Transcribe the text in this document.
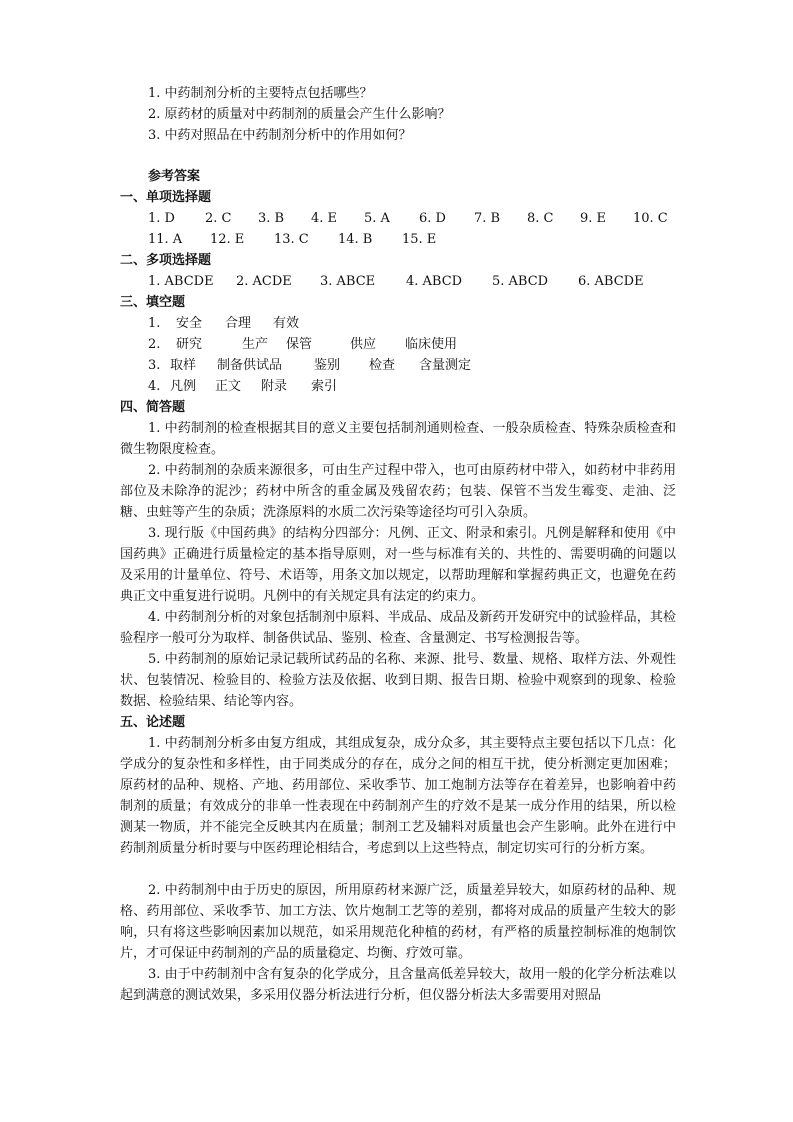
1. 中药制剂分析的主要特点包括哪些？
2. 原药材的质量对中药制剂的质量会产生什么影响？
3. 中药对照品在中药制剂分析中的作用如何？
参考答案
一、单项选择题
1. D 2. C 3. B 4. E 5. A 6. D 7. B 8. C 9. E 10. C
11. A 12. E 13. C 14. B 15. E
二、多项选择题
1. ABCDE 2. ACDE 3. ABCE 4. ABCD 5. ABCD 6. ABCDE
三、填空题
1. 安全 合理 有效
2. 研究	生产 保管	供应 临床使用
3. 取样 制备供试品 鉴别 检查 含量测定
4. 凡例 正文 附录 索引
四、简答题
1. 中药制剂的检查根据其目的意义主要包括制剂通则检查、一般杂质检查、特殊杂质检查和微生物限度检查。
2. 中药制剂的杂质来源很多，可由生产过程中带入，也可由原药材中带入，如药材中非药用部位及未除净的泥沙；药材中所含的重金属及残留农药；包装、保管不当发生霉变、走油、泛糖、虫蛀等产生的杂质；洗涤原料的水质二次污染等途径均可引入杂质。
3. 现行版《中国药典》的结构分四部分：凡例、正文、附录和索引。凡例是解释和使用《中国药典》正确进行质量检定的基本指导原则，对一些与标准有关的、共性的、需要明确的问题以及采用的计量单位、符号、术语等，用条文加以规定，以帮助理解和掌握药典正文，也避免在药典正文中重复进行说明。凡例中的有关规定具有法定的约束力。
4. 中药制剂分析的对象包括制剂中原料、半成品、成品及新药开发研究中的试验样品，其检验程序一般可分为取样、制备供试品、鉴别、检查、含量测定、书写检测报告等。
5. 中药制剂的原始记录记载所试药品的名称、来源、批号、数量、规格、取样方法、外观性状、包装情况、检验目的、检验方法及依据、收到日期、报告日期、检验中观察到的现象、检验数据、检验结果、结论等内容。
五、论述题
1. 中药制剂分析多由复方组成，其组成复杂，成分众多，其主要特点主要包括以下几点：化学成分的复杂性和多样性，由于同类成分的存在，成分之间的相互干扰，使分析测定更加困难；原药材的品种、规格、产地、药用部位、采收季节、加工炮制方法等存在着差异，也影响着中药制剂的质量；有效成分的非单一性表现在中药制剂产生的疗效不是某一成分作用的结果，所以检测某一物质，并不能完全反映其内在质量；制剂工艺及辅料对质量也会产生影响。此外在进行中药制剂质量分析时要与中医药理论相结合，考虑到以上这些特点，制定切实可行的分析方案。
2. 中药制剂中由于历史的原因，所用原药材来源广泛，质量差异较大，如原药材的品种、规格、药用部位、采收季节、加工方法、饮片炮制工艺等的差别，都将对成品的质量产生较大的影响，只有将这些影响因素加以规范，如采用规范化种植的药材，有严格的质量控制标准的炮制饮片，才可保证中药制剂的产品的质量稳定、均衡、疗效可靠。
3. 由于中药制剂中含有复杂的化学成分，且含量高低差异较大，故用一般的化学分析法难以起到满意的测试效果，多采用仪器分析法进行分析，但仪器分析法大多需要用对照品
